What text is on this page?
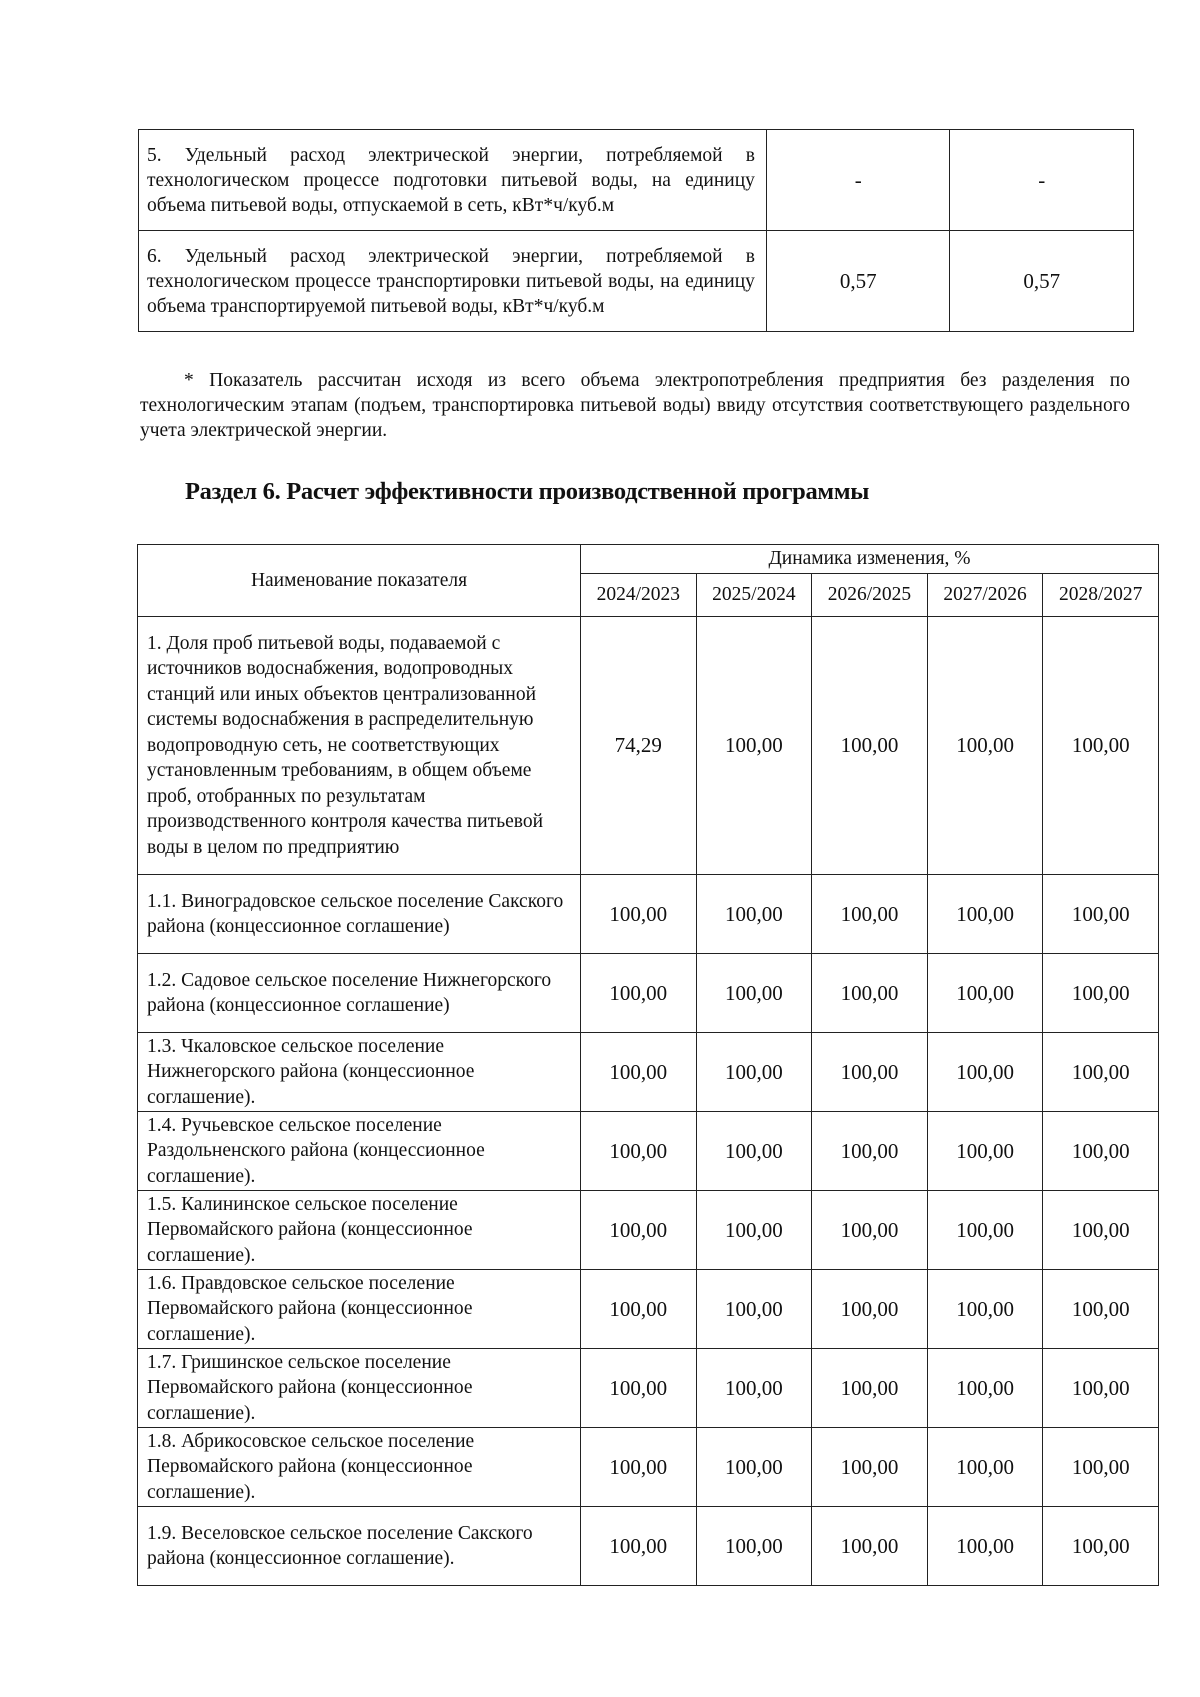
5. Удельный расход электрической энергии, потребляемой в технологическом процессе подготовки питьевой воды, на единицу объема питьевой воды, отпускаемой в сеть, кВт*ч/куб.м	-	-
6. Удельный расход электрической энергии, потребляемой в технологическом процессе транспортировки питьевой воды, на единицу объема транспортируемой питьевой воды, кВт*ч/куб.м	0,57	0,57

* Показатель рассчитан исходя из всего объема электропотребления предприятия без разделения по технологическим этапам (подъем, транспортировка питьевой воды) ввиду отсутствия соответствующего раздельного учета электрической энергии.

Раздел 6. Расчет эффективности производственной программы
Наименование показателя	Динамика изменения, %				
	2024/2023	2025/2024	2026/2025	2027/2026	2028/2027
1. Доля проб питьевой воды, подаваемой с источников водоснабжения, водопроводных станций или иных объектов централизованной системы водоснабжения в распределительную водопроводную сеть, не соответствующих установленным требованиям, в общем объеме проб, отобранных по результатам производственного контроля качества питьевой воды в целом по предприятию	74,29	100,00	100,00	100,00	100,00
1.1. Виноградовское сельское поселение Сакского района (концессионное соглашение)	100,00	100,00	100,00	100,00	100,00
1.2. Садовое сельское поселение Нижнегорского района (концессионное соглашение)	100,00	100,00	100,00	100,00	100,00
1.3. Чкаловское сельское поселение Нижнегорского района (концессионное соглашение).	100,00	100,00	100,00	100,00	100,00
1.4. Ручьевское сельское поселение Раздольненского района (концессионное соглашение).	100,00	100,00	100,00	100,00	100,00
1.5. Калининское сельское поселение Первомайского района (концессионное соглашение).	100,00	100,00	100,00	100,00	100,00
1.6. Правдовское сельское поселение Первомайского района (концессионное соглашение).	100,00	100,00	100,00	100,00	100,00
1.7. Гришинское сельское поселение Первомайского района (концессионное соглашение).	100,00	100,00	100,00	100,00	100,00
1.8. Абрикосовское сельское поселение Первомайского района (концессионное соглашение).	100,00	100,00	100,00	100,00	100,00
1.9. Веселовское сельское поселение Сакского района (концессионное соглашение).	100,00	100,00	100,00	100,00	100,00
